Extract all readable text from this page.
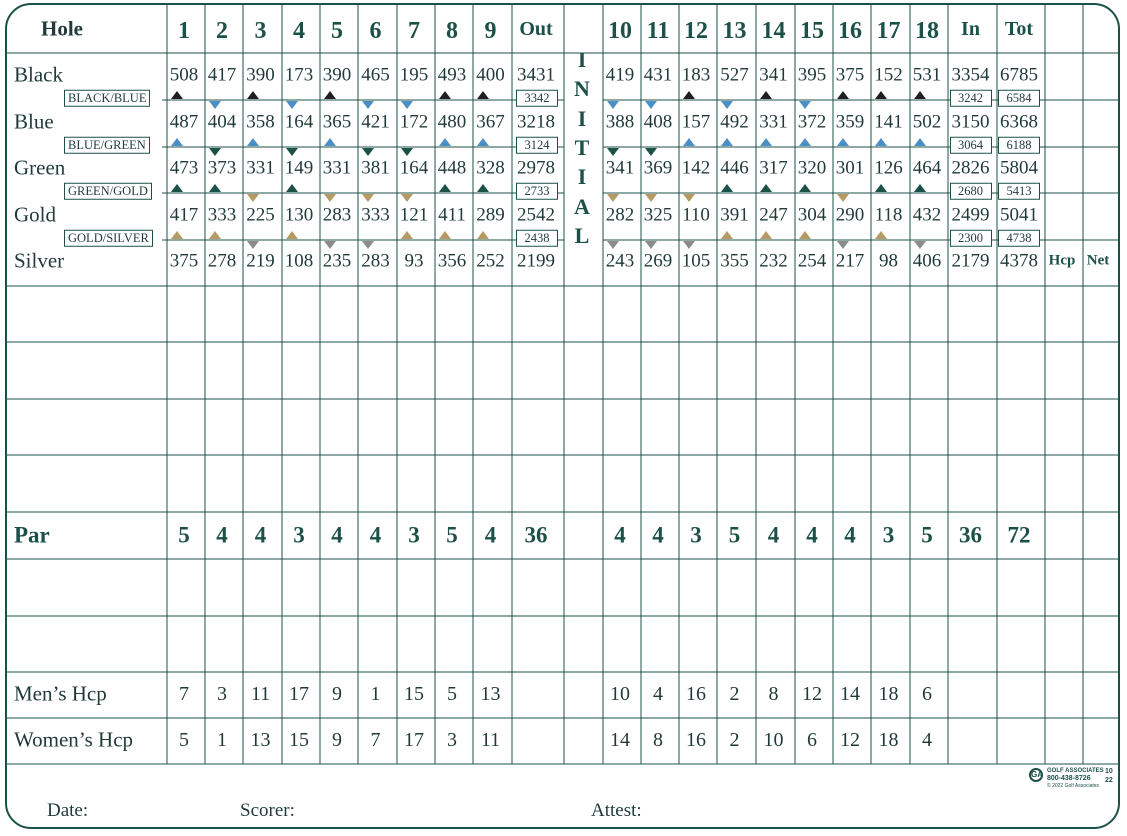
Hole	1 2 3 4 5 6 7 8 9 Out 10 11 12 13 14 15 16 17 18 In Tot
I
N
I
T
I
A
L
Black	508 417 390 173 390 465 195 493 400 3431	419 431 183 527 341 395 375 152 531 3354 6785
Blue	487 404 358 164 365 421 172 480 367 3218	388 408 157 492 331 372 359 141 502 3150 6368
Green	473 373 331 149 331 381 164 448 328 2978	341 369 142 446 317 320 301 126 464 2826 5804
Gold	417 333 225 130 283 333 121 411 289 2542	282 325 110 391 247 304 290 118 432 2499 5041
Silver	375 278 219 108 235 283 93 356 252 2199	243 269 105 355 232 254 217 98 406 2179 4378 Hcp Net
BLACK/BLUE	3342	3242	6584
BLUE/GREEN	3124	3064	6188
GREEN/GOLD	2733	2680	5413
GOLD/SILVER	2438	2300	4738
Par	5 4 4 3 4 4 3 5 4 36	4 4 3 5 4 4 4 3 5 36 72
Men’s Hcp	7 3 11 17 9 1 15 5 13	10 4 16 2 8 12 14 18 6
Women’s Hcp 5 1 13 15 9 7 17 3 11	14 8 16 2 10 6 12 18 4
Date:	Scorer:	Attest:
GA GOLF ASSOCIATES
800-438-8726
© 2022 Golf Associates
10
22
